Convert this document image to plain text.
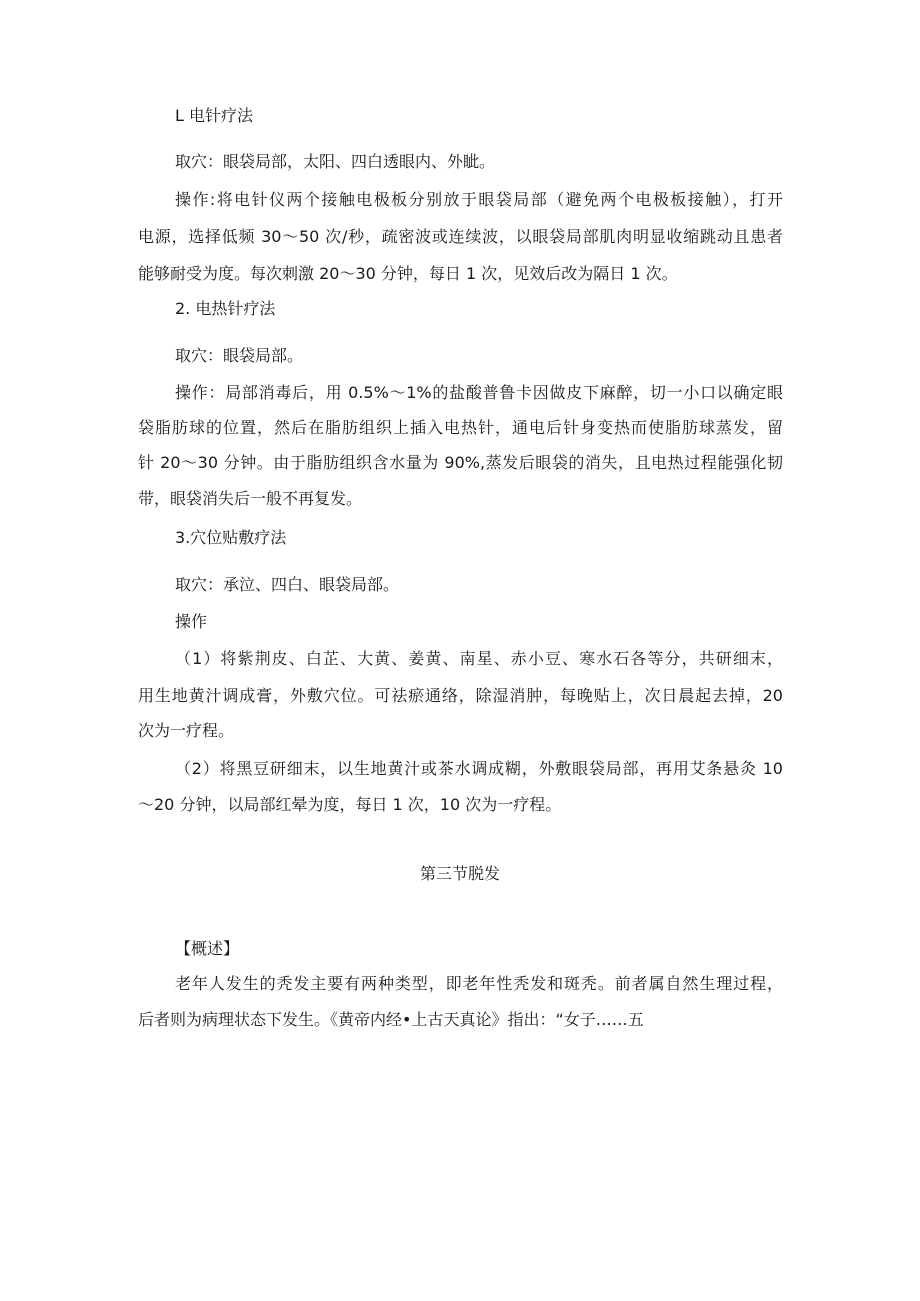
L 电针疗法

取穴：眼袋局部，太阳、四白透眼内、外眦。

操作:将电针仪两个接触电极板分别放于眼袋局部（避免两个电极板接触），打开

电源，选择低频 30～50 次/秒，疏密波或连续波，以眼袋局部肌肉明显收缩跳动且患者

能够耐受为度。每次刺激 20～30 分钟，每日 1 次，见效后改为隔日 1 次。

2. 电热针疗法

取穴：眼袋局部。

操作：局部消毒后，用 0.5%～1%的盐酸普鲁卡因做皮下麻醉，切一小口以确定眼

袋脂肪球的位置，然后在脂肪组织上插入电热针，通电后针身变热而使脂肪球蒸发，留

针 20～30 分钟。由于脂肪组织含水量为 90%,蒸发后眼袋的消失，且电热过程能强化韧

带，眼袋消失后一般不再复发。

3.穴位贴敷疗法

取穴：承泣、四白、眼袋局部。

操作

（1）将紫荆皮、白芷、大黄、姜黄、南星、赤小豆、寒水石各等分，共研细末，

用生地黄汁调成膏，外敷穴位。可祛瘀通络，除湿消肿，每晚贴上，次日晨起去掉，20

次为一疗程。

（2）将黑豆研细末，以生地黄汁或茶水调成糊，外敷眼袋局部，再用艾条悬灸 10

～20 分钟，以局部红晕为度，每日 1 次，10 次为一疗程。

第三节脱发

【概述】

老年人发生的秃发主要有两种类型，即老年性秃发和斑秃。前者属自然生理过程，

后者则为病理状态下发生。《黄帝内经•上古天真论》指出：“女子……五
